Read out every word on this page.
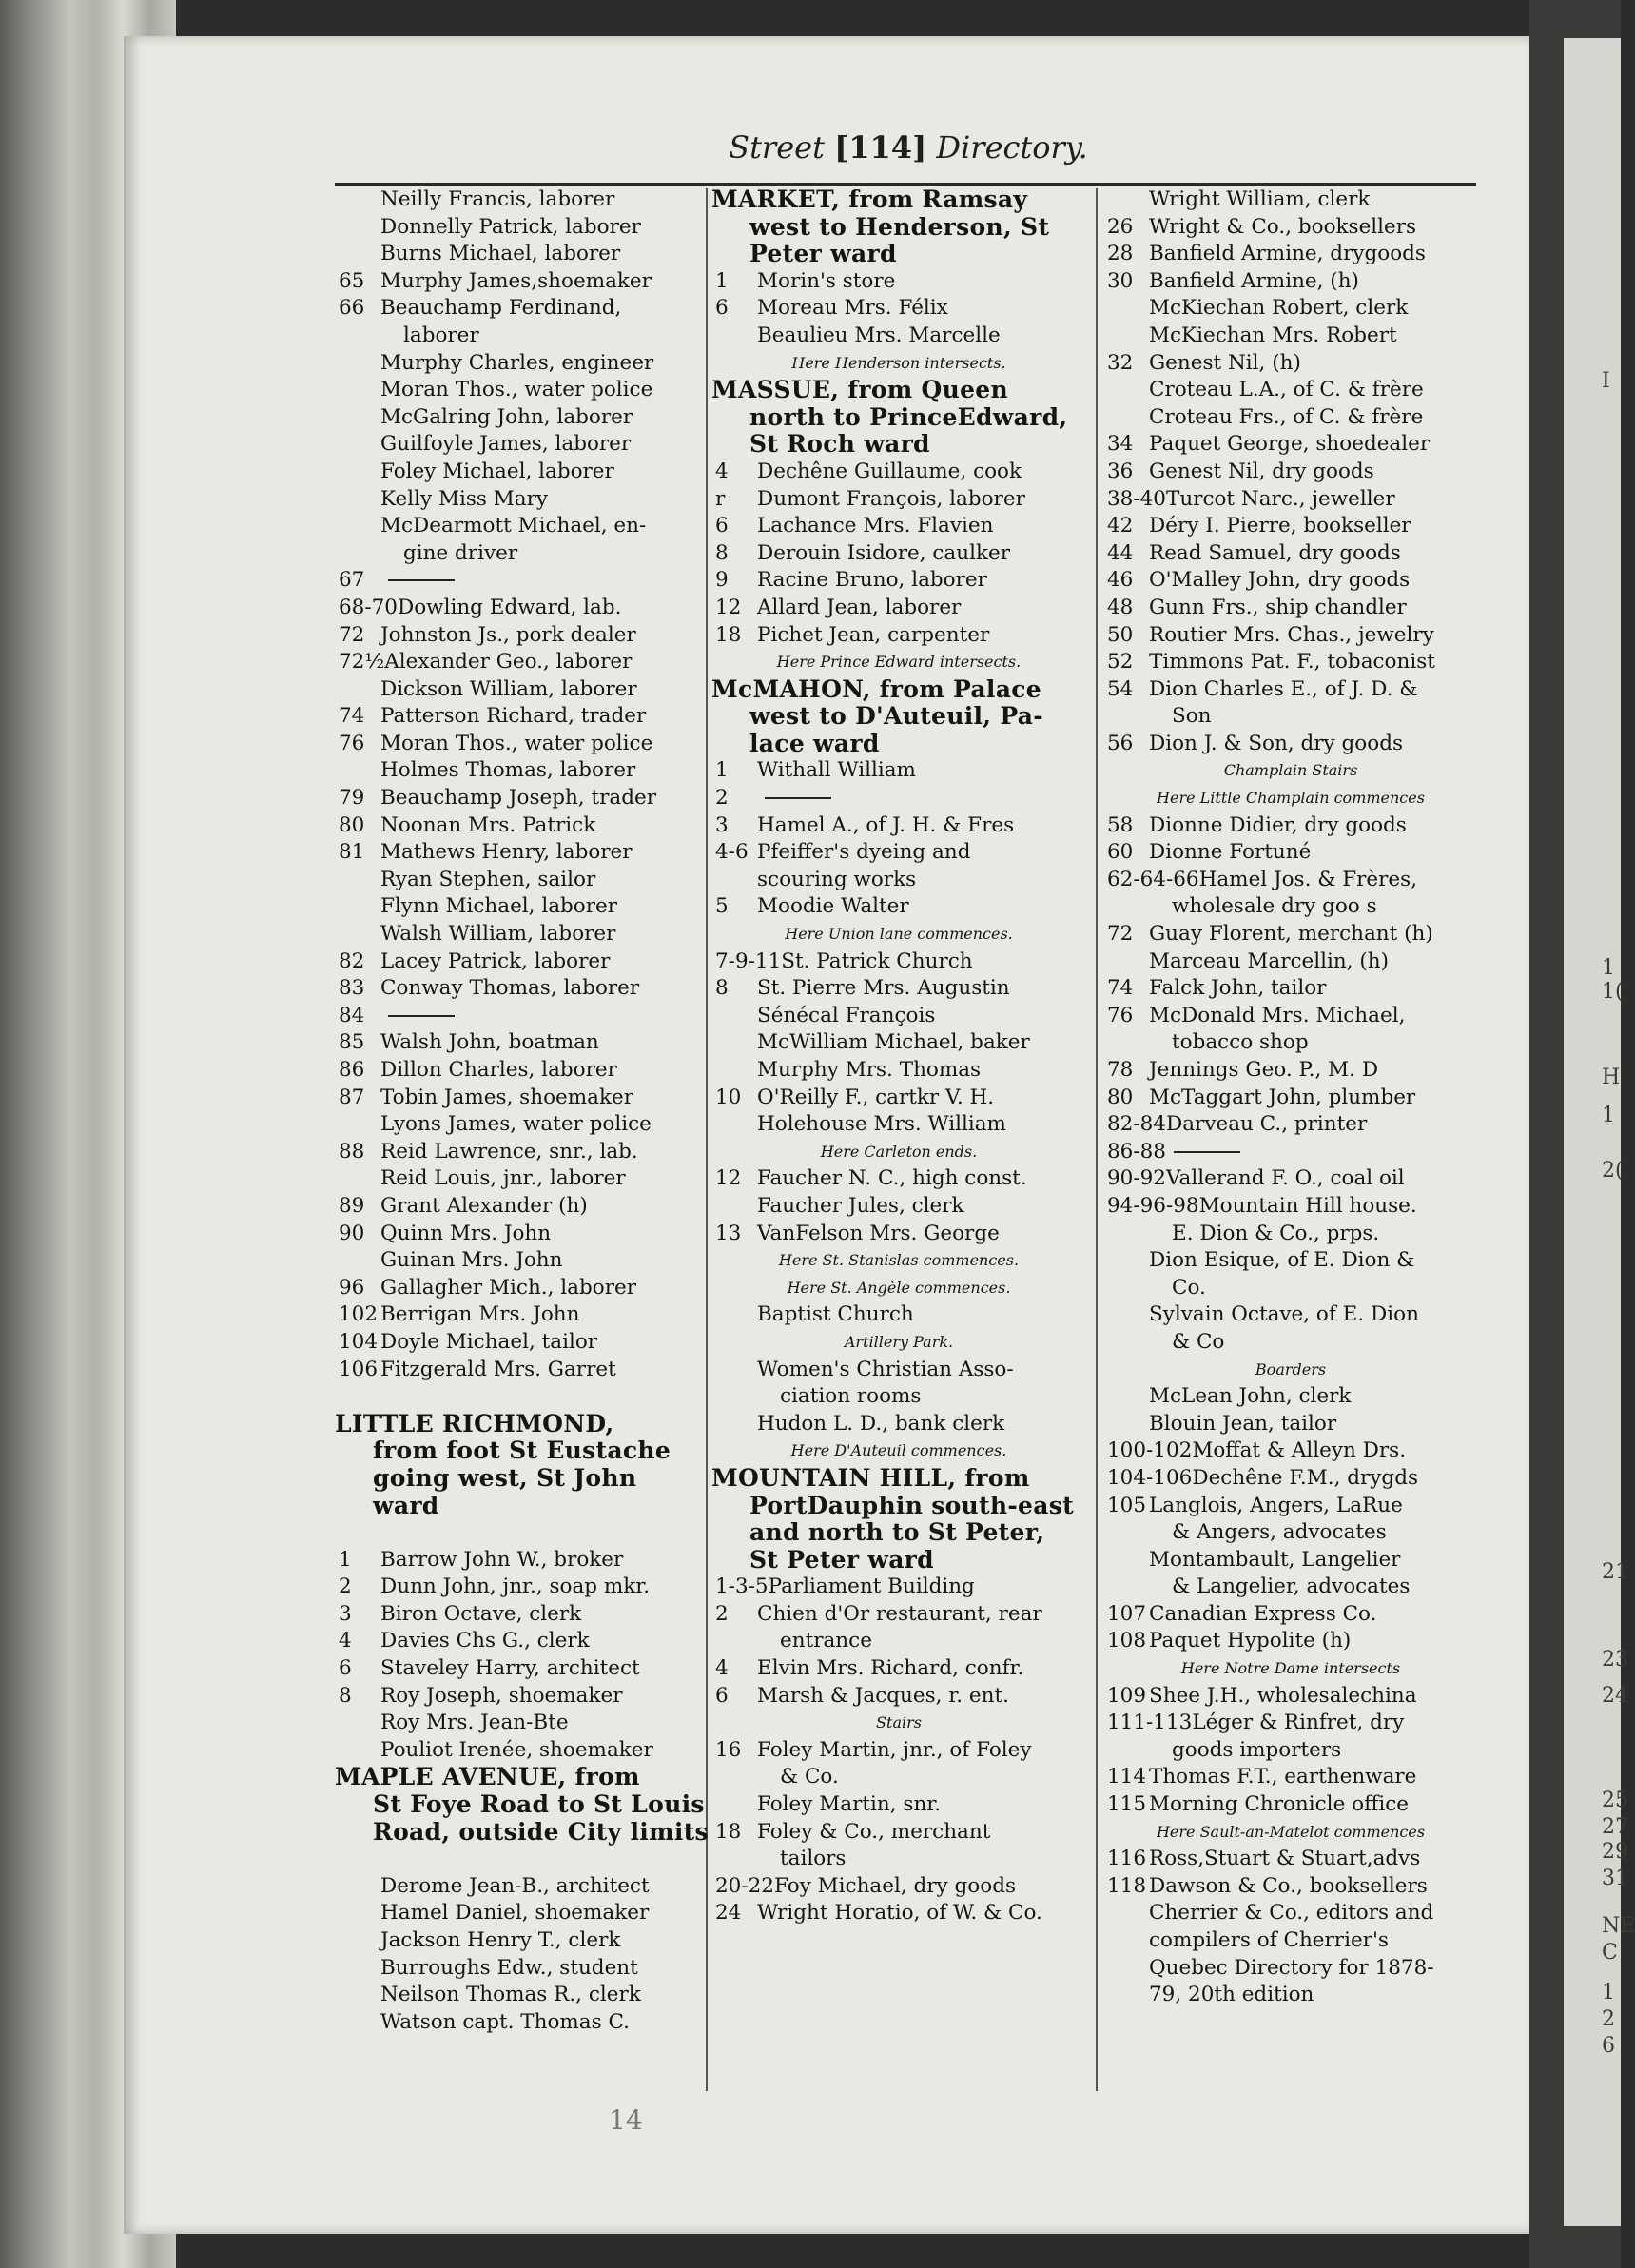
I
1
1(
H
1
2(
21
23
24
25
27
29
31
NE
C
1
2
6
Street [114] Directory.
Neilly Francis, laborer
Donnelly Patrick, laborer
Burns Michael, laborer
65 Murphy James,shoemaker
66 Beauchamp Ferdinand,
laborer
Murphy Charles, engineer
Moran Thos., water police
McGalring John, laborer
Guilfoyle James, laborer
Foley Michael, laborer
Kelly Miss Mary
McDearmott Michael, en-
gine driver
67
68-70Dowling Edward, lab.
72 Johnston Js., pork dealer
72½Alexander Geo., laborer
Dickson William, laborer
74 Patterson Richard, trader
76 Moran Thos., water police
Holmes Thomas, laborer
79 Beauchamp Joseph, trader
80 Noonan Mrs. Patrick
81 Mathews Henry, laborer
Ryan Stephen, sailor
Flynn Michael, laborer
Walsh William, laborer
82 Lacey Patrick, laborer
83 Conway Thomas, laborer
84
85 Walsh John, boatman
86 Dillon Charles, laborer
87 Tobin James, shoemaker
Lyons James, water police
88 Reid Lawrence, snr., lab.
Reid Louis, jnr., laborer
89 Grant Alexander (h)
90 Quinn Mrs. John
Guinan Mrs. John
96 Gallagher Mich., laborer
102 Berrigan Mrs. John
104 Doyle Michael, tailor
106 Fitzgerald Mrs. Garret
LITTLE RICHMOND,
from foot St Eustache
going west, St John
ward
1 Barrow John W., broker
2 Dunn John, jnr., soap mkr.
3 Biron Octave, clerk
4 Davies Chs G., clerk
6 Staveley Harry, architect
8 Roy Joseph, shoemaker
Roy Mrs. Jean-Bte
Pouliot Irenée, shoemaker
MAPLE AVENUE, from
St Foye Road to St Louis
Road, outside City limits
Derome Jean-B., architect
Hamel Daniel, shoemaker
Jackson Henry T., clerk
Burroughs Edw., student
Neilson Thomas R., clerk
Watson capt. Thomas C.
MARKET, from Ramsay
west to Henderson, St
Peter ward
1 Morin's store
6 Moreau Mrs. Félix
Beaulieu Mrs. Marcelle
Here Henderson intersects.
MASSUE, from Queen
north to PrinceEdward,
St Roch ward
4 Dechêne Guillaume, cook
r Dumont François, laborer
6 Lachance Mrs. Flavien
8 Derouin Isidore, caulker
9 Racine Bruno, laborer
12 Allard Jean, laborer
18 Pichet Jean, carpenter
Here Prince Edward intersects.
McMAHON, from Palace
west to D'Auteuil, Pa-
lace ward
1 Withall William
2
3 Hamel A., of J. H. & Fres
4-6 Pfeiffer's dyeing and
scouring works
5 Moodie Walter
Here Union lane commences.
7-9-11St. Patrick Church
8 St. Pierre Mrs. Augustin
Sénécal François
McWilliam Michael, baker
Murphy Mrs. Thomas
10 O'Reilly F., cartkr V. H.
Holehouse Mrs. William
Here Carleton ends.
12 Faucher N. C., high const.
Faucher Jules, clerk
13 VanFelson Mrs. George
Here St. Stanislas commences.
Here St. Angèle commences.
Baptist Church
Artillery Park.
Women's Christian Asso-
ciation rooms
Hudon L. D., bank clerk
Here D'Auteuil commences.
MOUNTAIN HILL, from
PortDauphin south-east
and north to St Peter,
St Peter ward
1-3-5Parliament Building
2 Chien d'Or restaurant, rear
entrance
4 Elvin Mrs. Richard, confr.
6 Marsh & Jacques, r. ent.
Stairs
16 Foley Martin, jnr., of Foley
& Co.
Foley Martin, snr.
18 Foley & Co., merchant
tailors
20-22Foy Michael, dry goods
24 Wright Horatio, of W. & Co.
Wright William, clerk
26 Wright & Co., booksellers
28 Banfield Armine, drygoods
30 Banfield Armine, (h)
McKiechan Robert, clerk
McKiechan Mrs. Robert
32 Genest Nil, (h)
Croteau L.A., of C. & frère
Croteau Frs., of C. & frère
34 Paquet George, shoedealer
36 Genest Nil, dry goods
38-40Turcot Narc., jeweller
42 Déry I. Pierre, bookseller
44 Read Samuel, dry goods
46 O'Malley John, dry goods
48 Gunn Frs., ship chandler
50 Routier Mrs. Chas., jewelry
52 Timmons Pat. F., tobaconist
54 Dion Charles E., of J. D. &
Son
56 Dion J. & Son, dry goods
Champlain Stairs
Here Little Champlain commences
58 Dionne Didier, dry goods
60 Dionne Fortuné
62-64-66Hamel Jos. & Frères,
wholesale dry goo s
72 Guay Florent, merchant (h)
Marceau Marcellin, (h)
74 Falck John, tailor
76 McDonald Mrs. Michael,
tobacco shop
78 Jennings Geo. P., M. D
80 McTaggart John, plumber
82-84Darveau C., printer
86-88
90-92Vallerand F. O., coal oil
94-96-98Mountain Hill house.
E. Dion & Co., prps.
Dion Esique, of E. Dion &
Co.
Sylvain Octave, of E. Dion
& Co
Boarders
McLean John, clerk
Blouin Jean, tailor
100-102Moffat & Alleyn Drs.
104-106Dechêne F.M., drygds
105 Langlois, Angers, LaRue
& Angers, advocates
Montambault, Langelier
& Langelier, advocates
107 Canadian Express Co.
108 Paquet Hypolite (h)
Here Notre Dame intersects
109 Shee J.H., wholesalechina
111-113Léger & Rinfret, dry
goods importers
114 Thomas F.T., earthenware
115 Morning Chronicle office
Here Sault-an-Matelot commences
116 Ross,Stuart & Stuart,advs
118 Dawson & Co., booksellers
Cherrier & Co., editors and
compilers of Cherrier's
Quebec Directory for 1878-
79, 20th edition
14
